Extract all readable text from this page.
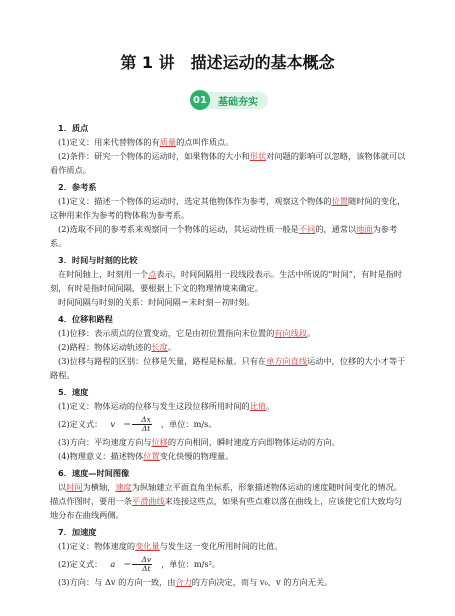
第 1 讲　描述运动的基本概念
01	基础夯实

1．质点

(1)定义：用来代替物体的有质量的点叫作质点。

(2)条件：研究一个物体的运动时，如果物体的大小和形状对问题的影响可以忽略，该物体就可以看作质点。

2．参考系

(1)定义：描述一个物体的运动时，选定其他物体作为参考，观察这个物体的位置随时间的变化，这种用来作为参考的物体称为参考系。

(2)选取不同的参考系来观察同一个物体的运动，其运动性质一般是不同的，通常以地面为参考系。

3．时间与时刻的比较

在时间轴上，时刻用一个点表示，时间间隔用一段线段表示。生活中所说的“时间”，有时是指时刻，有时是指时间间隔，要根据上下文的物理情境来确定。

时间间隔与时刻的关系：时间间隔＝末时刻－初时刻。

4．位移和路程

(1)位移：表示质点的位置变动，它是由初位置指向末位置的有向线段。

(2)路程：物体运动轨迹的长度。

(3)位移与路程的区别：位移是矢量，路程是标量。只有在单方向直线运动中，位移的大小才等于路程。

5．速度

(1)定义：物体运动的位移与发生这段位移所用时间的比值。

(2)定义式： $v = \frac{\Delta x}{\Delta t}$	，单位：m/s。

(3)方向：平均速度方向与位移的方向相同，瞬时速度方向即物体运动的方向。

(4)物理意义：描述物体位置变化快慢的物理量。

6．速度—时间图像

以时间为横轴，速度为纵轴建立平面直角坐标系，形象描述物体运动的速度随时间变化的情况。描点作图时，要用一条平滑曲线来连接这些点，如果有些点难以落在曲线上，应该使它们大致均匀地分布在曲线两侧。

7．加速度

(1)定义：物体速度的变化量与发生这一变化所用时间的比值。

(2)定义式： $a = \frac{\Delta v}{\Delta t}$	，单位：m/s²。

(3)方向：与 Δv 的方向一致，由合力的方向决定，而与 v₀、v 的方向无关。
